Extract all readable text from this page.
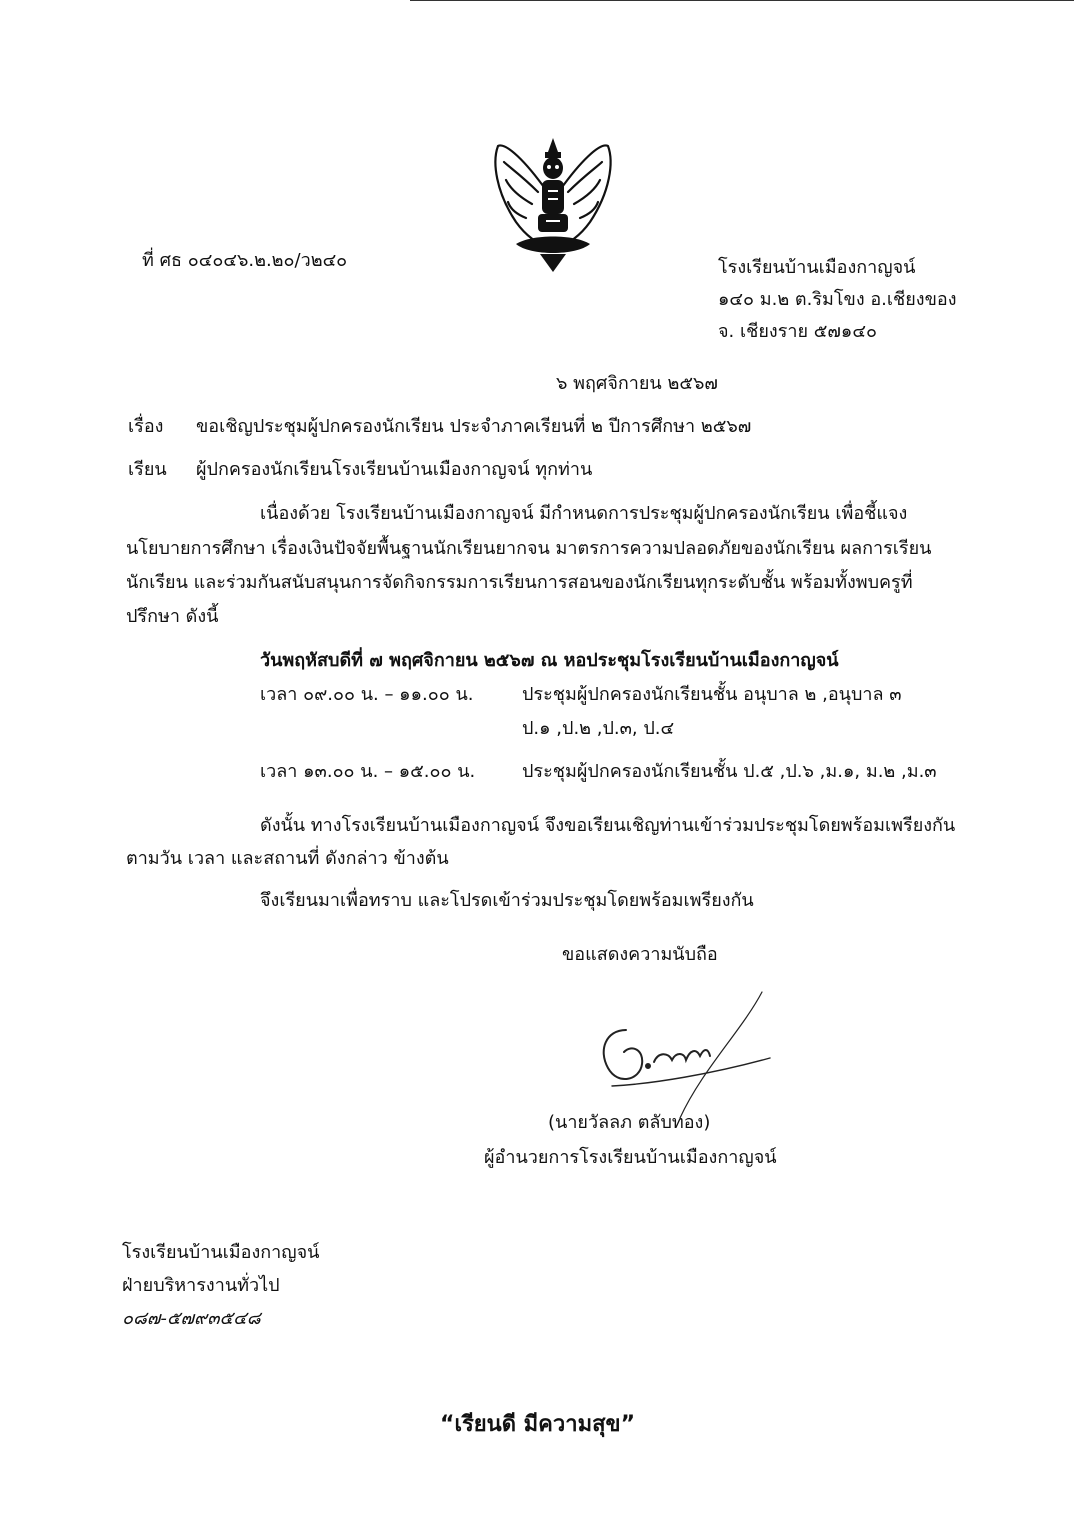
ที่ ศธ ๐๔๐๔๖.๒.๒๐/ว๒๔๐	โรงเรียนบ้านเมืองกาญจน์
๑๔๐ ม.๒ ต.ริมโขง อ.เชียงของ
จ. เชียงราย ๕๗๑๔๐
๖ พฤศจิกายน ๒๕๖๗
เรื่อง ขอเชิญประชุมผู้ปกครองนักเรียน ประจำภาคเรียนที่ ๒ ปีการศึกษา ๒๕๖๗
เรียน ผู้ปกครองนักเรียนโรงเรียนบ้านเมืองกาญจน์ ทุกท่าน
เนื่องด้วย โรงเรียนบ้านเมืองกาญจน์ มีกำหนดการประชุมผู้ปกครองนักเรียน เพื่อชี้แจง
นโยบายการศึกษา เรื่องเงินปัจจัยพื้นฐานนักเรียนยากจน มาตรการความปลอดภัยของนักเรียน ผลการเรียน
นักเรียน และร่วมกันสนับสนุนการจัดกิจกรรมการเรียนการสอนของนักเรียนทุกระดับชั้น พร้อมทั้งพบครูที่
ปรึกษา ดังนี้
วันพฤหัสบดีที่ ๗ พฤศจิกายน ๒๕๖๗ ณ หอประชุมโรงเรียนบ้านเมืองกาญจน์
เวลา ๐๙.๐๐ น. – ๑๑.๐๐ น.	ประชุมผู้ปกครองนักเรียนชั้น อนุบาล ๒ ,อนุบาล ๓
ป.๑ ,ป.๒ ,ป.๓, ป.๔
เวลา ๑๓.๐๐ น. – ๑๕.๐๐ น.	ประชุมผู้ปกครองนักเรียนชั้น ป.๕ ,ป.๖ ,ม.๑, ม.๒ ,ม.๓
ดังนั้น ทางโรงเรียนบ้านเมืองกาญจน์ จึงขอเรียนเชิญท่านเข้าร่วมประชุมโดยพร้อมเพรียงกัน
ตามวัน เวลา และสถานที่ ดังกล่าว ข้างต้น
จึงเรียนมาเพื่อทราบ และโปรดเข้าร่วมประชุมโดยพร้อมเพรียงกัน
ขอแสดงความนับถือ
(นายวัลลภ ตลับทอง)
ผู้อำนวยการโรงเรียนบ้านเมืองกาญจน์
โรงเรียนบ้านเมืองกาญจน์
ฝ่ายบริหารงานทั่วไป
๐๘๗-๕๗๙๓๕๔๘
“เรียนดี มีความสุข”
